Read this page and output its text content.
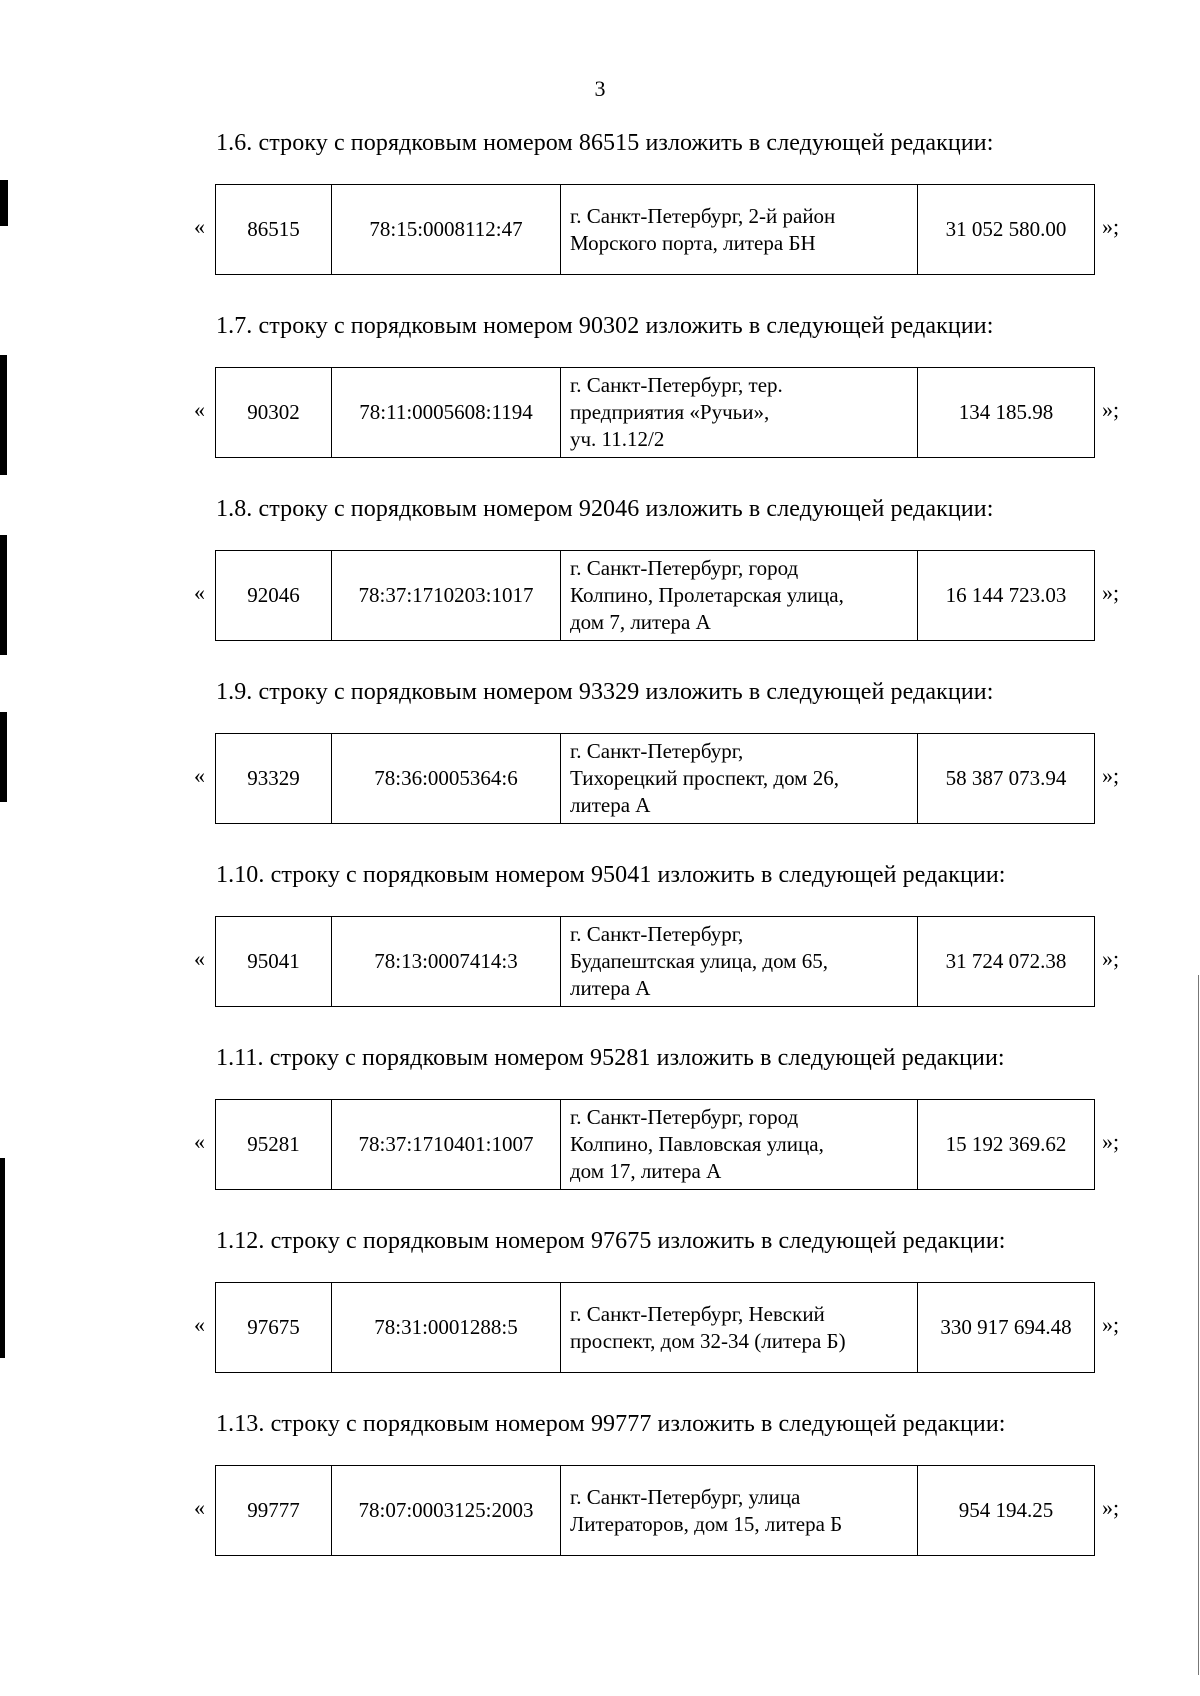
3
1.6. строку с порядковым номером 86515 изложить в следующей редакции:
« 86515	78:15:0008112:47	
г. Санкт-Петербург, 2-й район
Морского порта, литера БН
	31 052 580.00 »;
1.7. строку с порядковым номером 90302 изложить в следующей редакции:
« 90302	78:11:0005608:1194	
г. Санкт-Петербург, тер.
предприятия «Ручьи»,
уч. 11.12/2
	134 185.98 »;
1.8. строку с порядковым номером 92046 изложить в следующей редакции:
« 92046	78:37:1710203:1017	
г. Санкт-Петербург, город
Колпино, Пролетарская улица,
дом 7, литера А
	16 144 723.03 »;
1.9. строку с порядковым номером 93329 изложить в следующей редакции:
« 93329	78:36:0005364:6	
г. Санкт-Петербург,
Тихорецкий проспект, дом 26,
литера А
	58 387 073.94 »;
1.10. строку с порядковым номером 95041 изложить в следующей редакции:
« 95041	78:13:0007414:3	
г. Санкт-Петербург,
Будапештская улица, дом 65,
литера А
	31 724 072.38 »;
1.11. строку с порядковым номером 95281 изложить в следующей редакции:
« 95281	78:37:1710401:1007	
г. Санкт-Петербург, город
Колпино, Павловская улица,
дом 17, литера А
	15 192 369.62 »;
1.12. строку с порядковым номером 97675 изложить в следующей редакции:
« 97675	78:31:0001288:5	
г. Санкт-Петербург, Невский
проспект, дом 32-34 (литера Б)
	330 917 694.48 »;
1.13. строку с порядковым номером 99777 изложить в следующей редакции:
« 99777	78:07:0003125:2003	
г. Санкт-Петербург, улица
Литераторов, дом 15, литера Б
	954 194.25 »;
